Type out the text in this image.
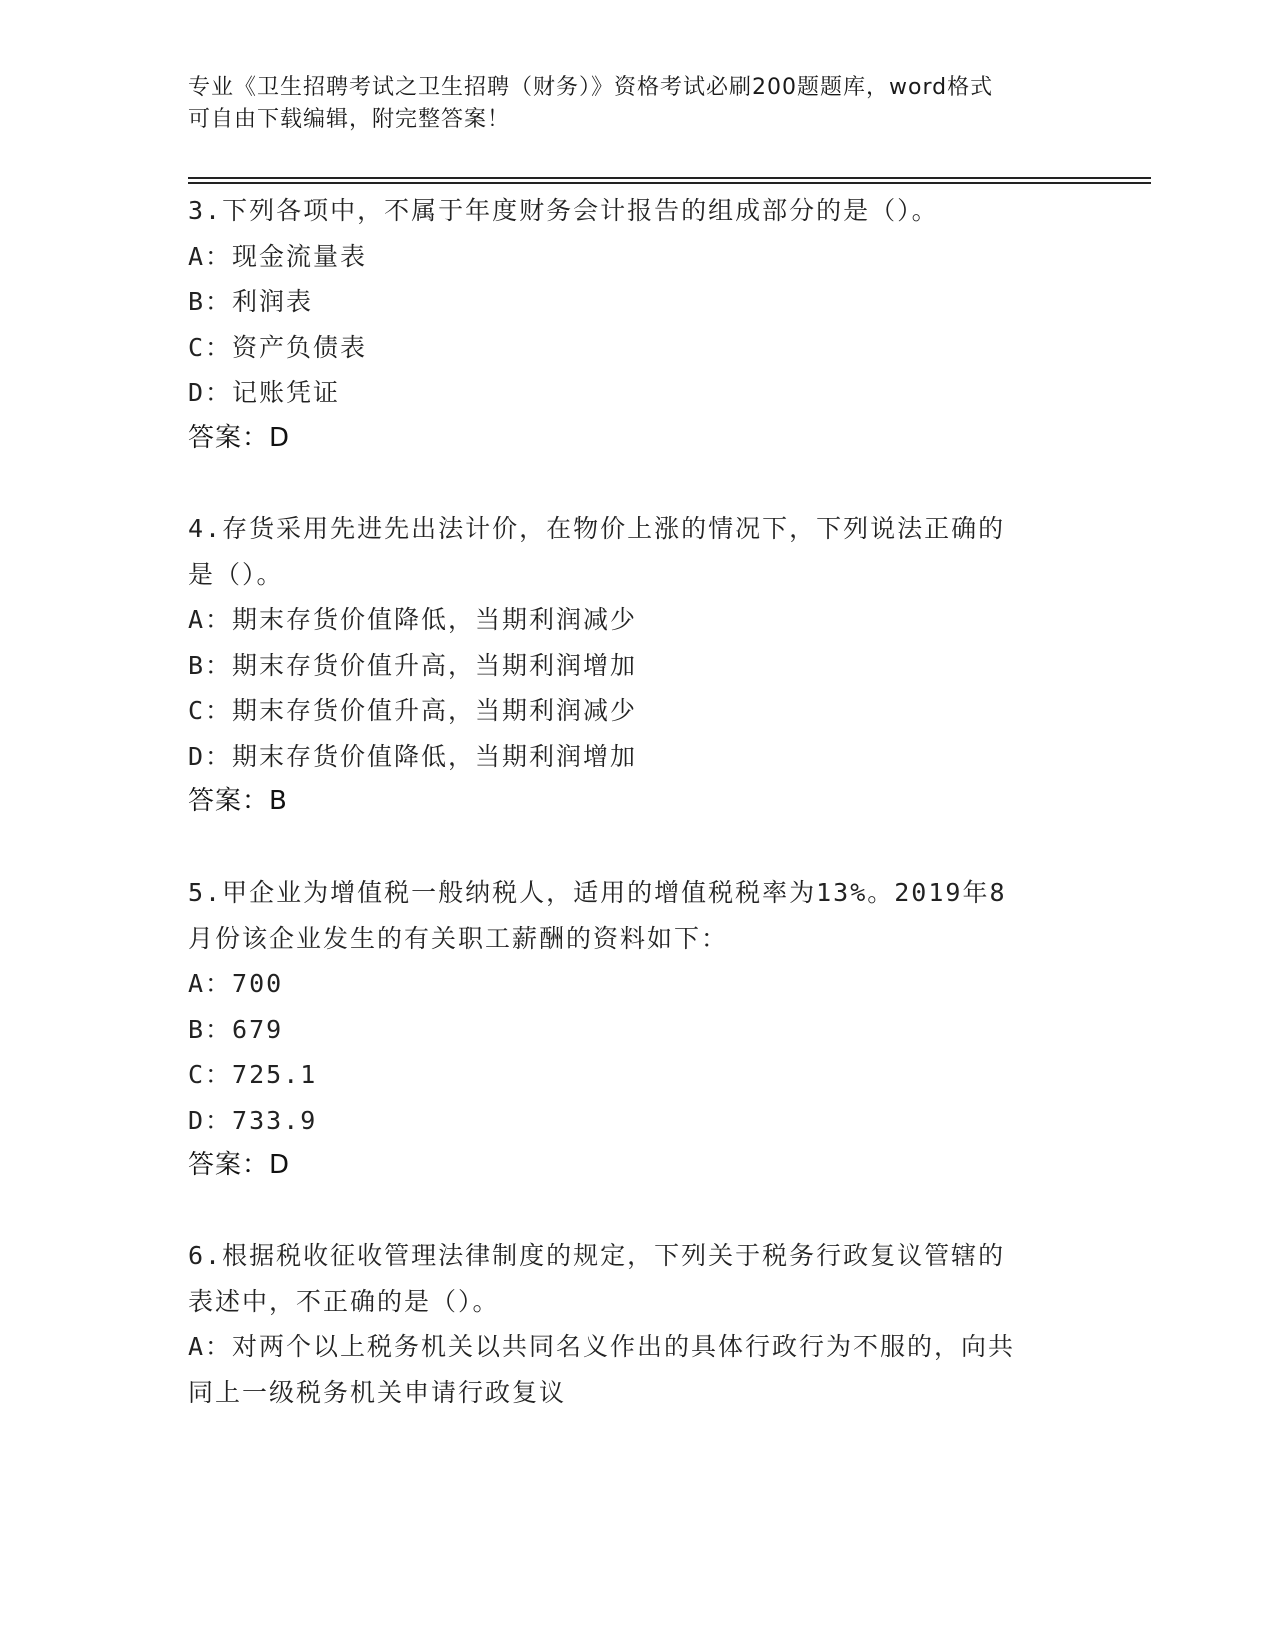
专业《卫生招聘考试之卫生招聘（财务）》资格考试必刷200题题库，word格式
可自由下载编辑，附完整答案！

3.下列各项中，不属于年度财务会计报告的组成部分的是（）。

A：现金流量表

B：利润表

C：资产负债表

D：记账凭证

答案：D

4.存货采用先进先出法计价，在物价上涨的情况下，下列说法正确的

是（）。

A：期末存货价值降低，当期利润减少

B：期末存货价值升高，当期利润增加

C：期末存货价值升高，当期利润减少

D：期末存货价值降低，当期利润增加

答案：B

5.甲企业为增值税一般纳税人，适用的增值税税率为13%。2019年8

月份该企业发生的有关职工薪酬的资料如下：

A：700

B：679

C：725.1

D：733.9

答案：D

6.根据税收征收管理法律制度的规定，下列关于税务行政复议管辖的

表述中，不正确的是（）。

A：对两个以上税务机关以共同名义作出的具体行政行为不服的，向共

同上一级税务机关申请行政复议
